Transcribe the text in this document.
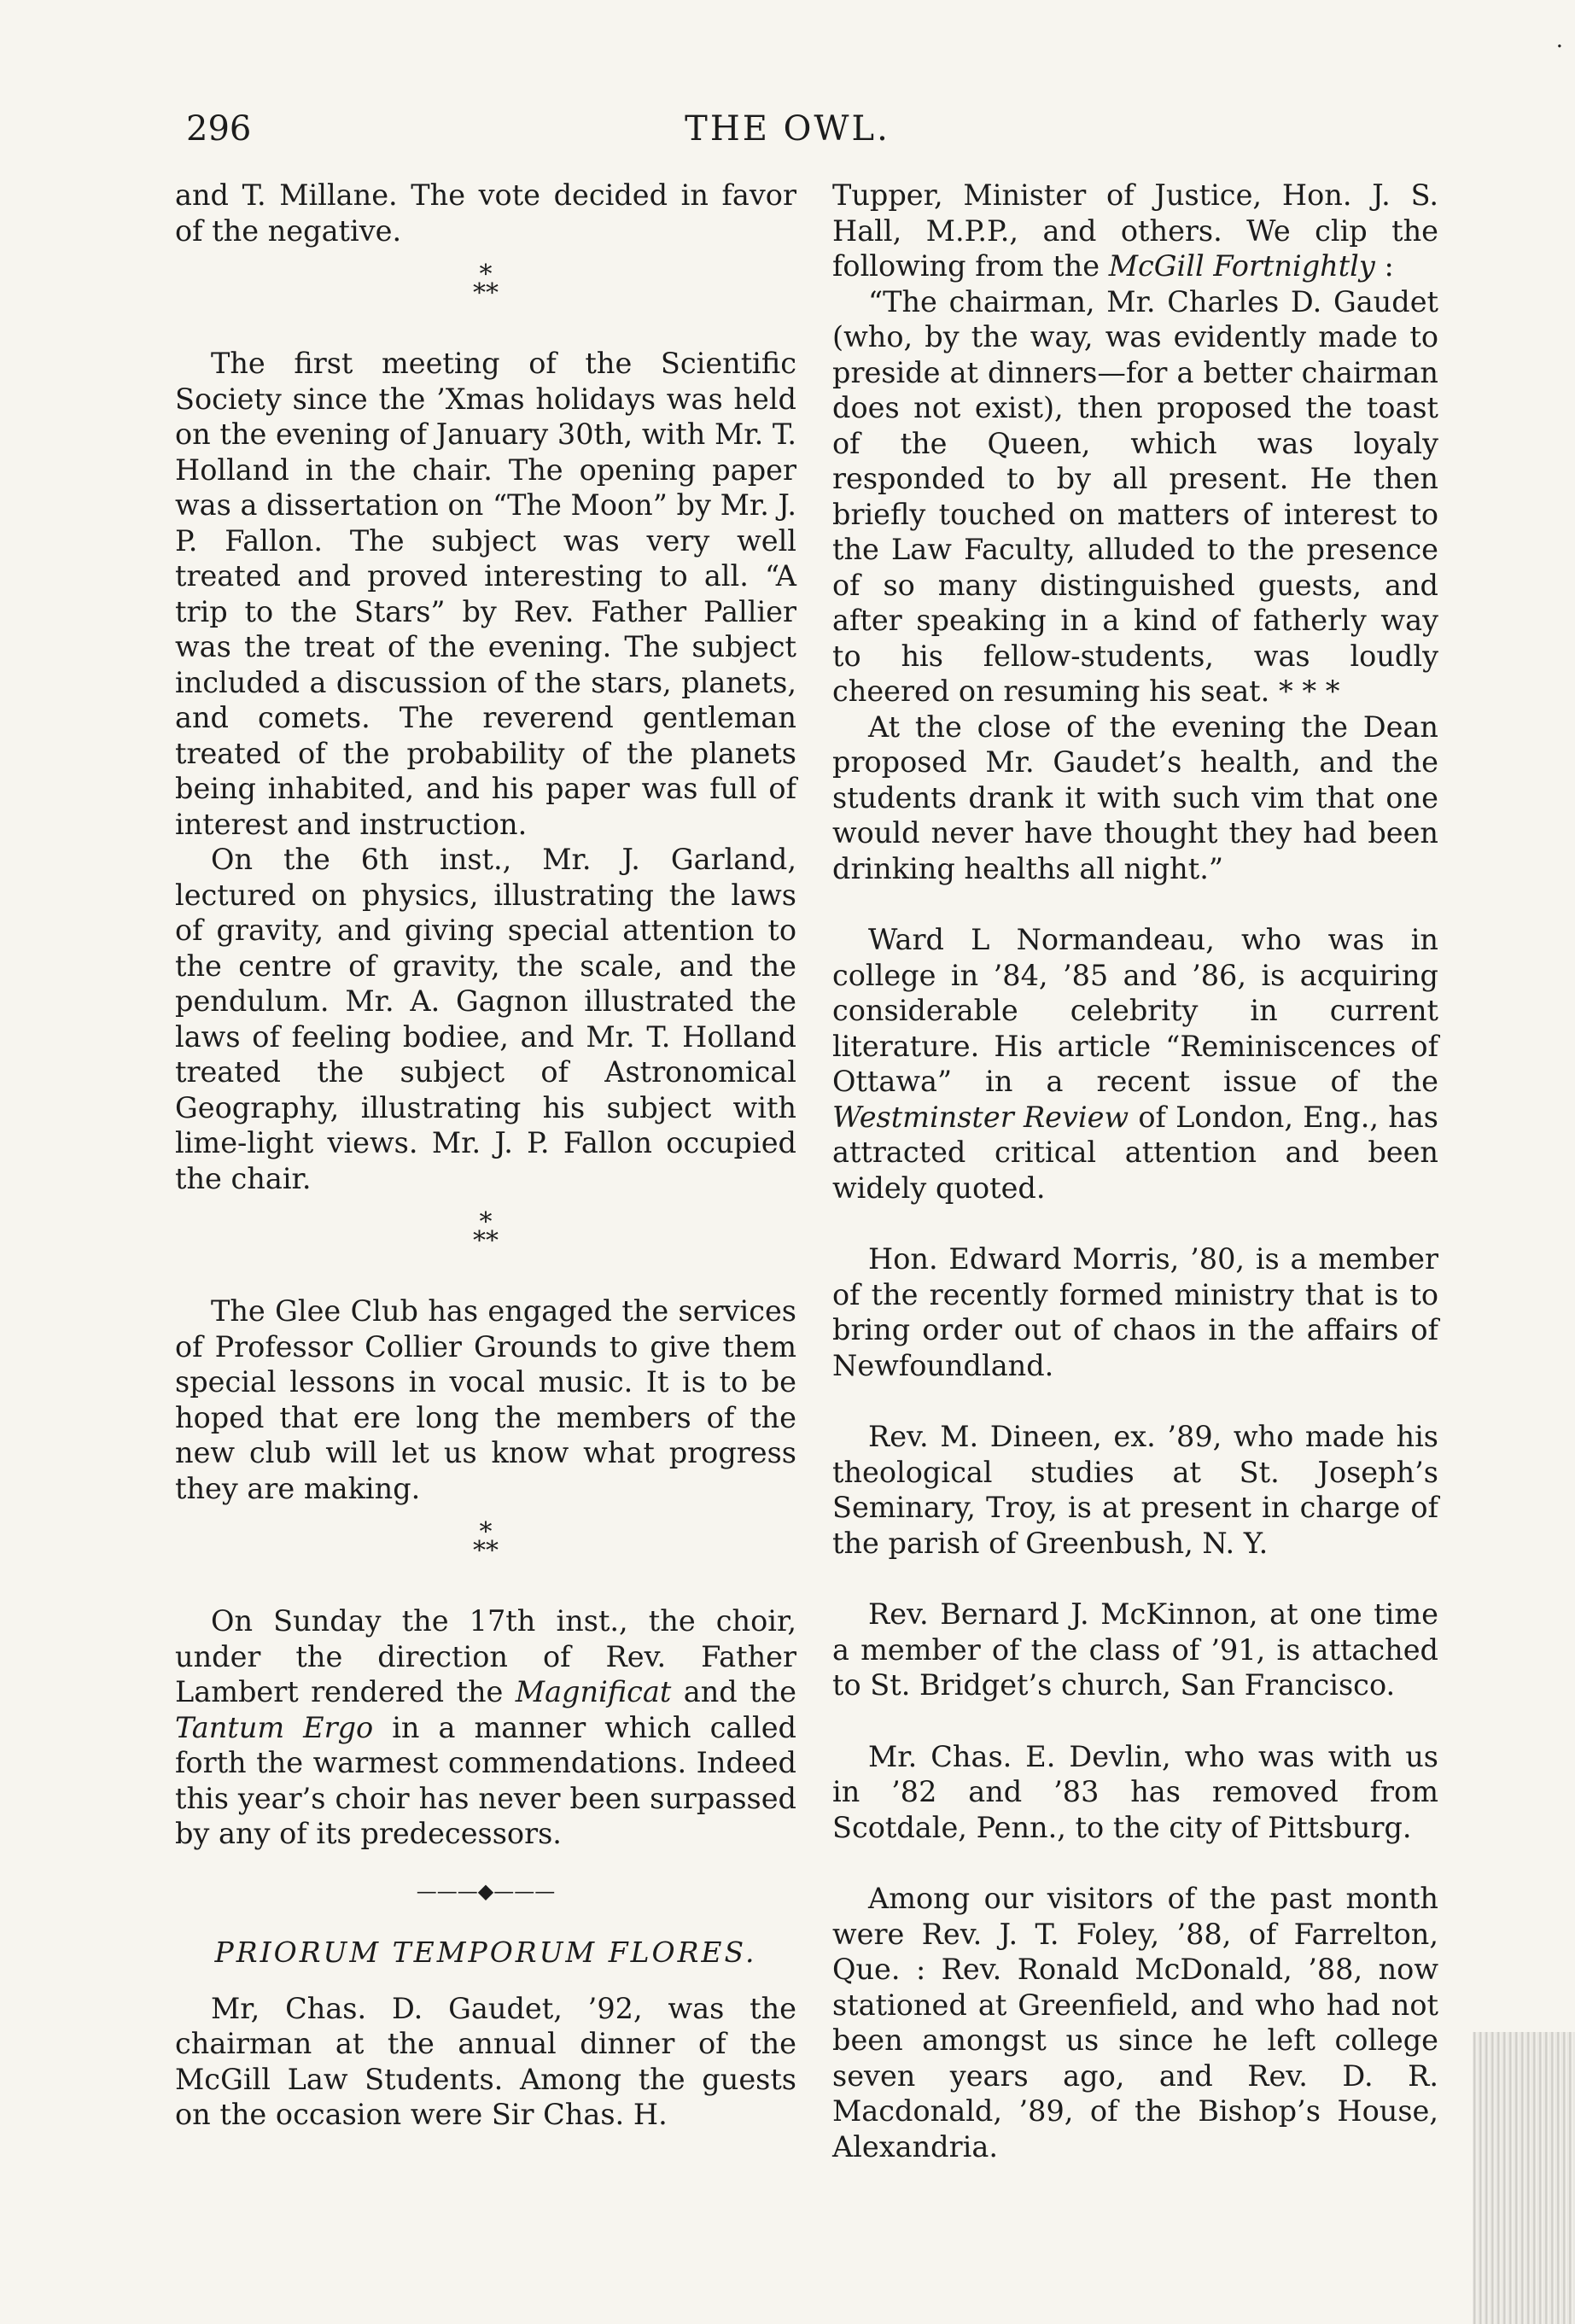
296	THE OWL.
·

and T. Millane. The vote decided in favor of the negative.

*
**

The first meeting of the Scientific Society since the ’Xmas holidays was held on the evening of January 30th, with Mr. T. Holland in the chair. The opening paper was a dissertation on “The Moon” by Mr. J. P. Fallon. The subject was very well treated and proved interesting to all. “A trip to the Stars” by Rev. Father Pallier was the treat of the evening. The subject included a discussion of the stars, planets, and comets. The reverend gentleman treated of the probability of the planets being inhabited, and his paper was full of interest and instruction.

On the 6th inst., Mr. J. Garland, lectured on physics, illustrating the laws of gravity, and giving special attention to the centre of gravity, the scale, and the pendulum. Mr. A. Gagnon illustrated the laws of feeling bodiee, and Mr. T. Holland treated the subject of Astronomical Geography, illustrating his subject with lime-light views. Mr. J. P. Fallon occupied the chair.

*
**

The Glee Club has engaged the services of Professor Collier Grounds to give them special lessons in vocal music. It is to be hoped that ere long the members of the new club will let us know what progress they are making.

*
**

On Sunday the 17th inst., the choir, under the direction of Rev. Father Lambert rendered the Magnificat and the Tantum Ergo in a manner which called forth the warmest commendations. Indeed this year’s choir has never been surpassed by any of its predecessors.

———◆———
PRIORUM TEMPORUM FLORES.

Mr, Chas. D. Gaudet, ’92, was the chairman at the annual dinner of the McGill Law Students. Among the guests on the occasion were Sir Chas. H.

Tupper, Minister of Justice, Hon. J. S. Hall, M.P.P., and others. We clip the following from the McGill Fortnightly :

“The chairman, Mr. Charles D. Gaudet (who, by the way, was evidently made to preside at dinners—for a better chairman does not exist), then proposed the toast of the Queen, which was loyaly responded to by all present. He then briefly touched on matters of interest to the Law Faculty, alluded to the presence of so many distinguished guests, and after speaking in a kind of fatherly way to his fellow-students, was loudly cheered on resuming his seat. * * *

At the close of the evening the Dean proposed Mr. Gaudet’s health, and the students drank it with such vim that one would never have thought they had been drinking healths all night.”

Ward L Normandeau, who was in college in ’84, ’85 and ’86, is acquiring considerable celebrity in current literature. His article “Reminiscences of Ottawa” in a recent issue of the Westminster Review of London, Eng., has attracted critical attention and been widely quoted.

Hon. Edward Morris, ’80, is a member of the recently formed ministry that is to bring order out of chaos in the affairs of Newfoundland.

Rev. M. Dineen, ex. ’89, who made his theological studies at St. Joseph’s Seminary, Troy, is at present in charge of the parish of Greenbush, N. Y.

Rev. Bernard J. McKinnon, at one time a member of the class of ’91, is attached to St. Bridget’s church, San Francisco.

Mr. Chas. E. Devlin, who was with us in ’82 and ’83 has removed from Scotdale, Penn., to the city of Pittsburg.

Among our visitors of the past month were Rev. J. T. Foley, ’88, of Farrelton, Que. : Rev. Ronald McDonald, ’88, now stationed at Greenfield, and who had not been amongst us since he left college seven years ago, and Rev. D. R. Macdonald, ’89, of the Bishop’s House, Alexandria.
